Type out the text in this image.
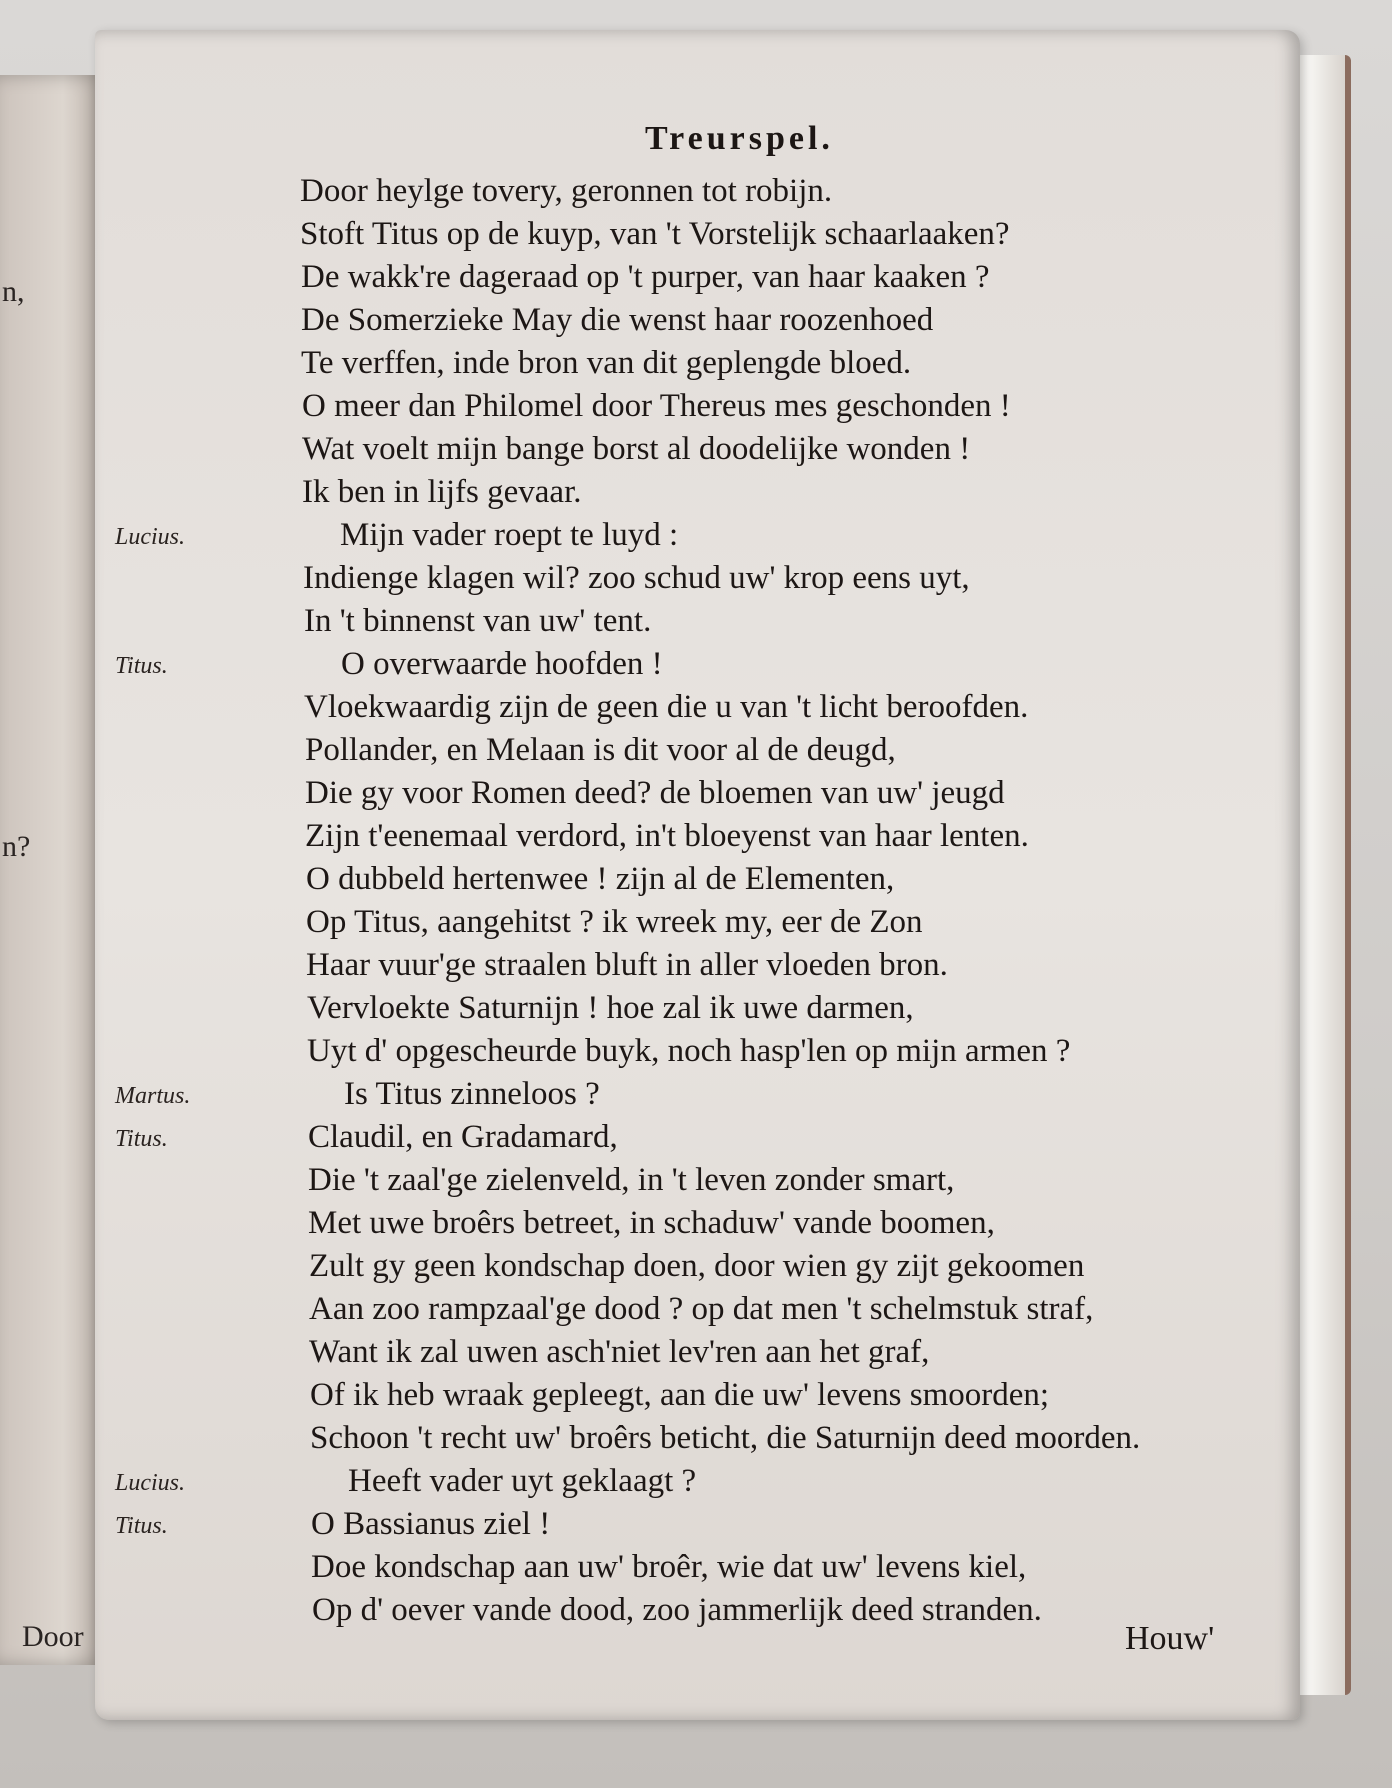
n,
n?
Door
Treurspel.
Door heylge tovery, geronnen tot robijn.
Stoft Titus op de kuyp, van 't Vorstelijk schaarlaaken?
De wakk're dageraad op 't purper, van haar kaaken ?
De Somerzieke May die wenst haar roozenhoed
Te verffen, inde bron van dit geplengde bloed.
O meer dan Philomel door Thereus mes geschonden !
Wat voelt mijn bange borst al doodelijke wonden !
Ik ben in lijfs gevaar.
Lucius.	Mijn vader roept te luyd :
Indienge klagen wil? zoo schud uw' krop eens uyt,
In 't binnenst van uw' tent.
Titus.	O overwaarde hoofden !
Vloekwaardig zijn de geen die u van 't licht beroofden.
Pollander, en Melaan is dit voor al de deugd,
Die gy voor Romen deed? de bloemen van uw' jeugd
Zijn t'eenemaal verdord, in't bloeyenst van haar lenten.
O dubbeld hertenwee ! zijn al de Elementen,
Op Titus, aangehitst ? ik wreek my, eer de Zon
Haar vuur'ge straalen bluft in aller vloeden bron.
Vervloekte Saturnijn ! hoe zal ik uwe darmen,
Uyt d' opgescheurde buyk, noch hasp'len op mijn armen ?
Martus.	Is Titus zinneloos ?
Titus.	Claudil, en Gradamard,
Die 't zaal'ge zielenveld, in 't leven zonder smart,
Met uwe broêrs betreet, in schaduw' vande boomen,
Zult gy geen kondschap doen, door wien gy zijt gekoomen
Aan zoo rampzaal'ge dood ? op dat men 't schelmstuk straf,
Want ik zal uwen asch'niet lev'ren aan het graf,
Of ik heb wraak gepleegt, aan die uw' levens smoorden;
Schoon 't recht uw' broêrs beticht, die Saturnijn deed moorden.
Lucius.	Heeft vader uyt geklaagt ?
Titus.	O Bassianus ziel !
Doe kondschap aan uw' broêr, wie dat uw' levens kiel,
Op d' oever vande dood, zoo jammerlijk deed stranden.
Houw'
